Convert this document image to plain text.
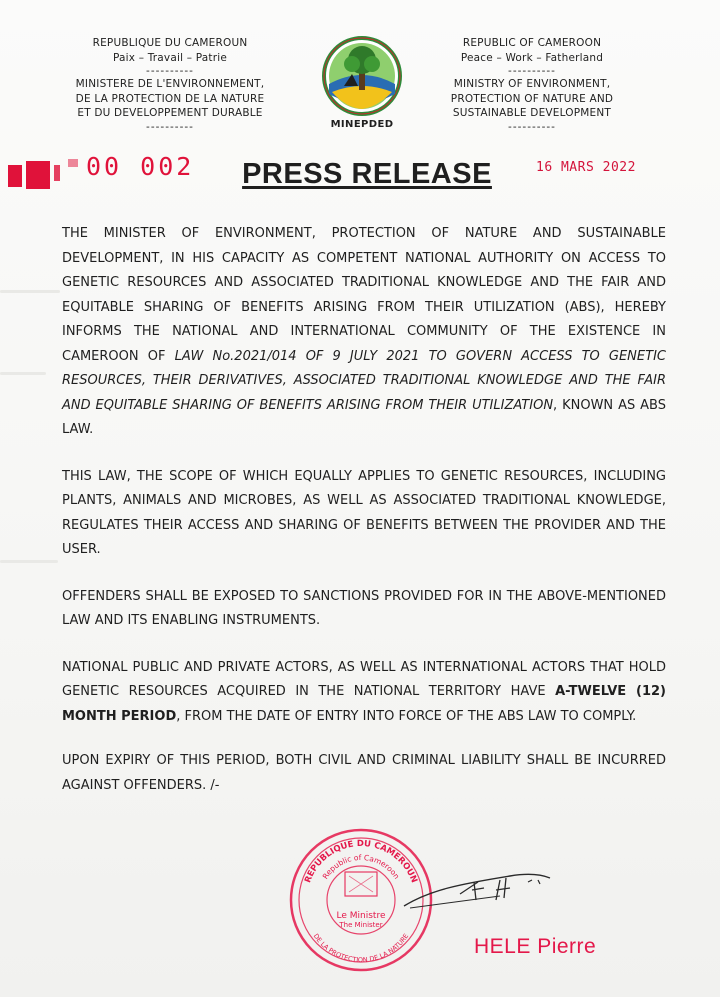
REPUBLIQUE DU CAMEROUN
Paix – Travail – Patrie
----------
MINISTERE DE L'ENVIRONNEMENT,
DE LA PROTECTION DE LA NATURE
ET DU DEVELOPPEMENT DURABLE
----------	MINEPDED
REPUBLIC OF CAMEROON
Peace – Work – Fatherland
----------
MINISTRY OF ENVIRONMENT,
PROTECTION OF NATURE AND
SUSTAINABLE DEVELOPMENT
----------
00 002	PRESS RELEASE	16 MARS 2022

THE MINISTER OF ENVIRONMENT, PROTECTION OF NATURE AND SUSTAINABLE DEVELOPMENT, IN HIS CAPACITY AS COMPETENT NATIONAL AUTHORITY ON ACCESS TO GENETIC RESOURCES AND ASSOCIATED TRADITIONAL KNOWLEDGE AND THE FAIR AND EQUITABLE SHARING OF BENEFITS ARISING FROM THEIR UTILIZATION (ABS), HEREBY INFORMS THE NATIONAL AND INTERNATIONAL COMMUNITY OF THE EXISTENCE IN CAMEROON OF LAW No.2021/014 OF 9 JULY 2021 TO GOVERN ACCESS TO GENETIC RESOURCES, THEIR DERIVATIVES, ASSOCIATED TRADITIONAL KNOWLEDGE AND THE FAIR AND EQUITABLE SHARING OF BENEFITS ARISING FROM THEIR UTILIZATION, KNOWN AS ABS LAW.

THIS LAW, THE SCOPE OF WHICH EQUALLY APPLIES TO GENETIC RESOURCES, INCLUDING PLANTS, ANIMALS AND MICROBES, AS WELL AS ASSOCIATED TRADITIONAL KNOWLEDGE, REGULATES THEIR ACCESS AND SHARING OF BENEFITS BETWEEN THE PROVIDER AND THE USER.

OFFENDERS SHALL BE EXPOSED TO SANCTIONS PROVIDED FOR IN THE ABOVE-MENTIONED LAW AND ITS ENABLING INSTRUMENTS.

NATIONAL PUBLIC AND PRIVATE ACTORS, AS WELL AS INTERNATIONAL ACTORS THAT HOLD GENETIC RESOURCES ACQUIRED IN THE NATIONAL TERRITORY HAVE A-TWELVE (12) MONTH PERIOD, FROM THE DATE OF ENTRY INTO FORCE OF THE ABS LAW TO COMPLY.

UPON EXPIRY OF THIS PERIOD, BOTH CIVIL AND CRIMINAL LIABILITY SHALL BE INCURRED AGAINST OFFENDERS. /-

REPUBLIQUE DU CAMEROUN
Republic of Cameroon
DE LA PROTECTION DE LA NATURE
Le Ministre
The Minister
HELE Pierre
